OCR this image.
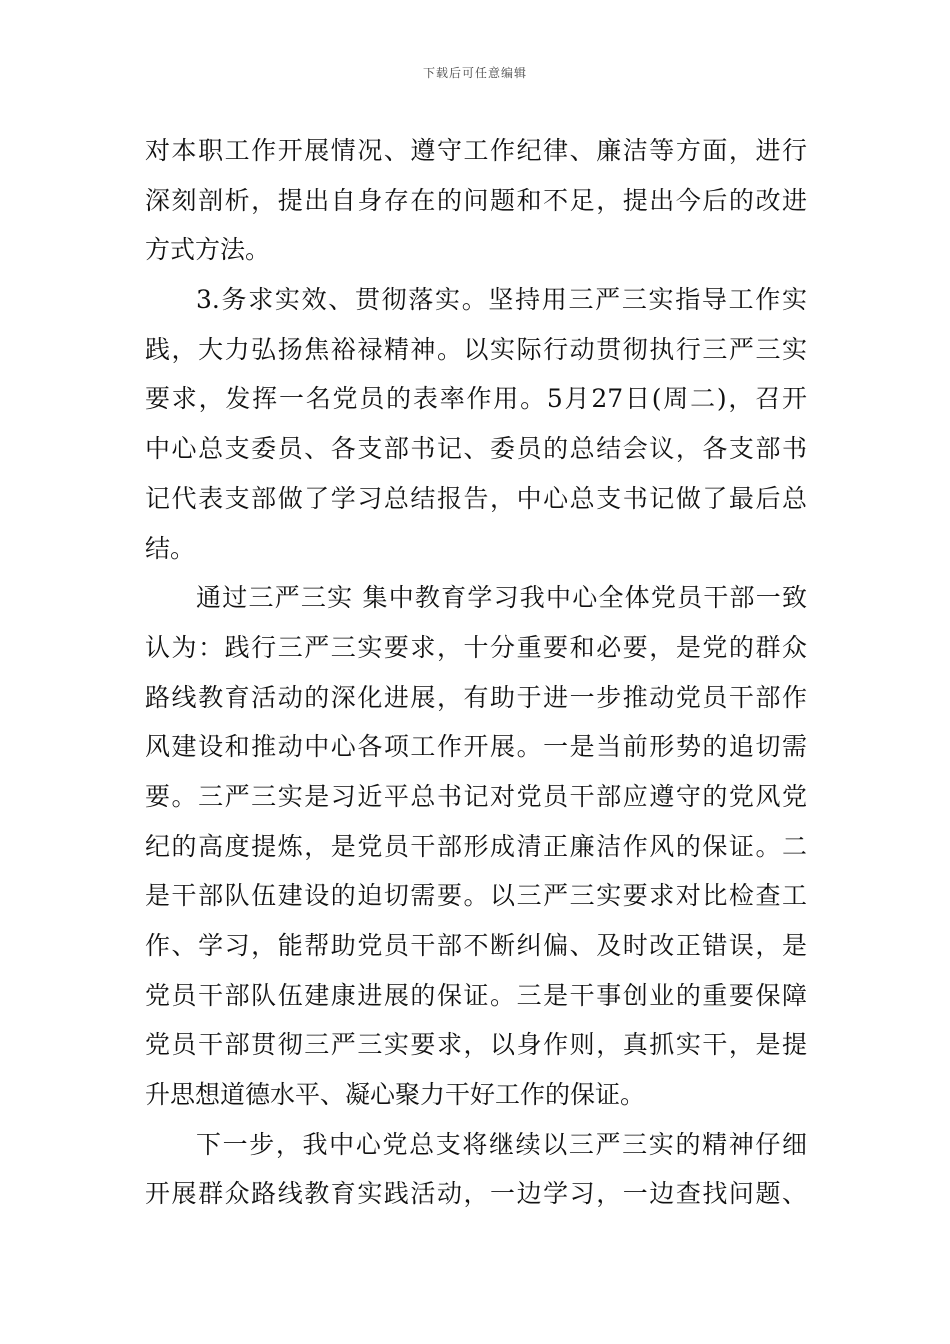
下载后可任意编辑
对本职工作开展情况、遵守工作纪律、廉洁等方面，进行
深刻剖析，提出自身存在的问题和不足，提出今后的改进
方式方法。
3.务求实效、贯彻落实。坚持用三严三实指导工作实
践，大力弘扬焦裕禄精神。以实际行动贯彻执行三严三实
要求，发挥一名党员的表率作用。5月27日(周二)，召开
中心总支委员、各支部书记、委员的总结会议，各支部书
记代表支部做了学习总结报告，中心总支书记做了最后总
结。
通过三严三实 集中教育学习我中心全体党员干部一致
认为：践行三严三实要求，十分重要和必要，是党的群众
路线教育活动的深化进展，有助于进一步推动党员干部作
风建设和推动中心各项工作开展。一是当前形势的追切需
要。三严三实是习近平总书记对党员干部应遵守的党风党
纪的高度提炼，是党员干部形成清正廉洁作风的保证。二
是干部队伍建设的迫切需要。以三严三实要求对比检查工
作、学习，能帮助党员干部不断纠偏、及时改正错误，是
党员干部队伍建康进展的保证。三是干事创业的重要保障
党员干部贯彻三严三实要求，以身作则，真抓实干，是提
升思想道德水平、凝心聚力干好工作的保证。
下一步，我中心党总支将继续以三严三实的精神仔细
开展群众路线教育实践活动，一边学习，一边查找问题、
